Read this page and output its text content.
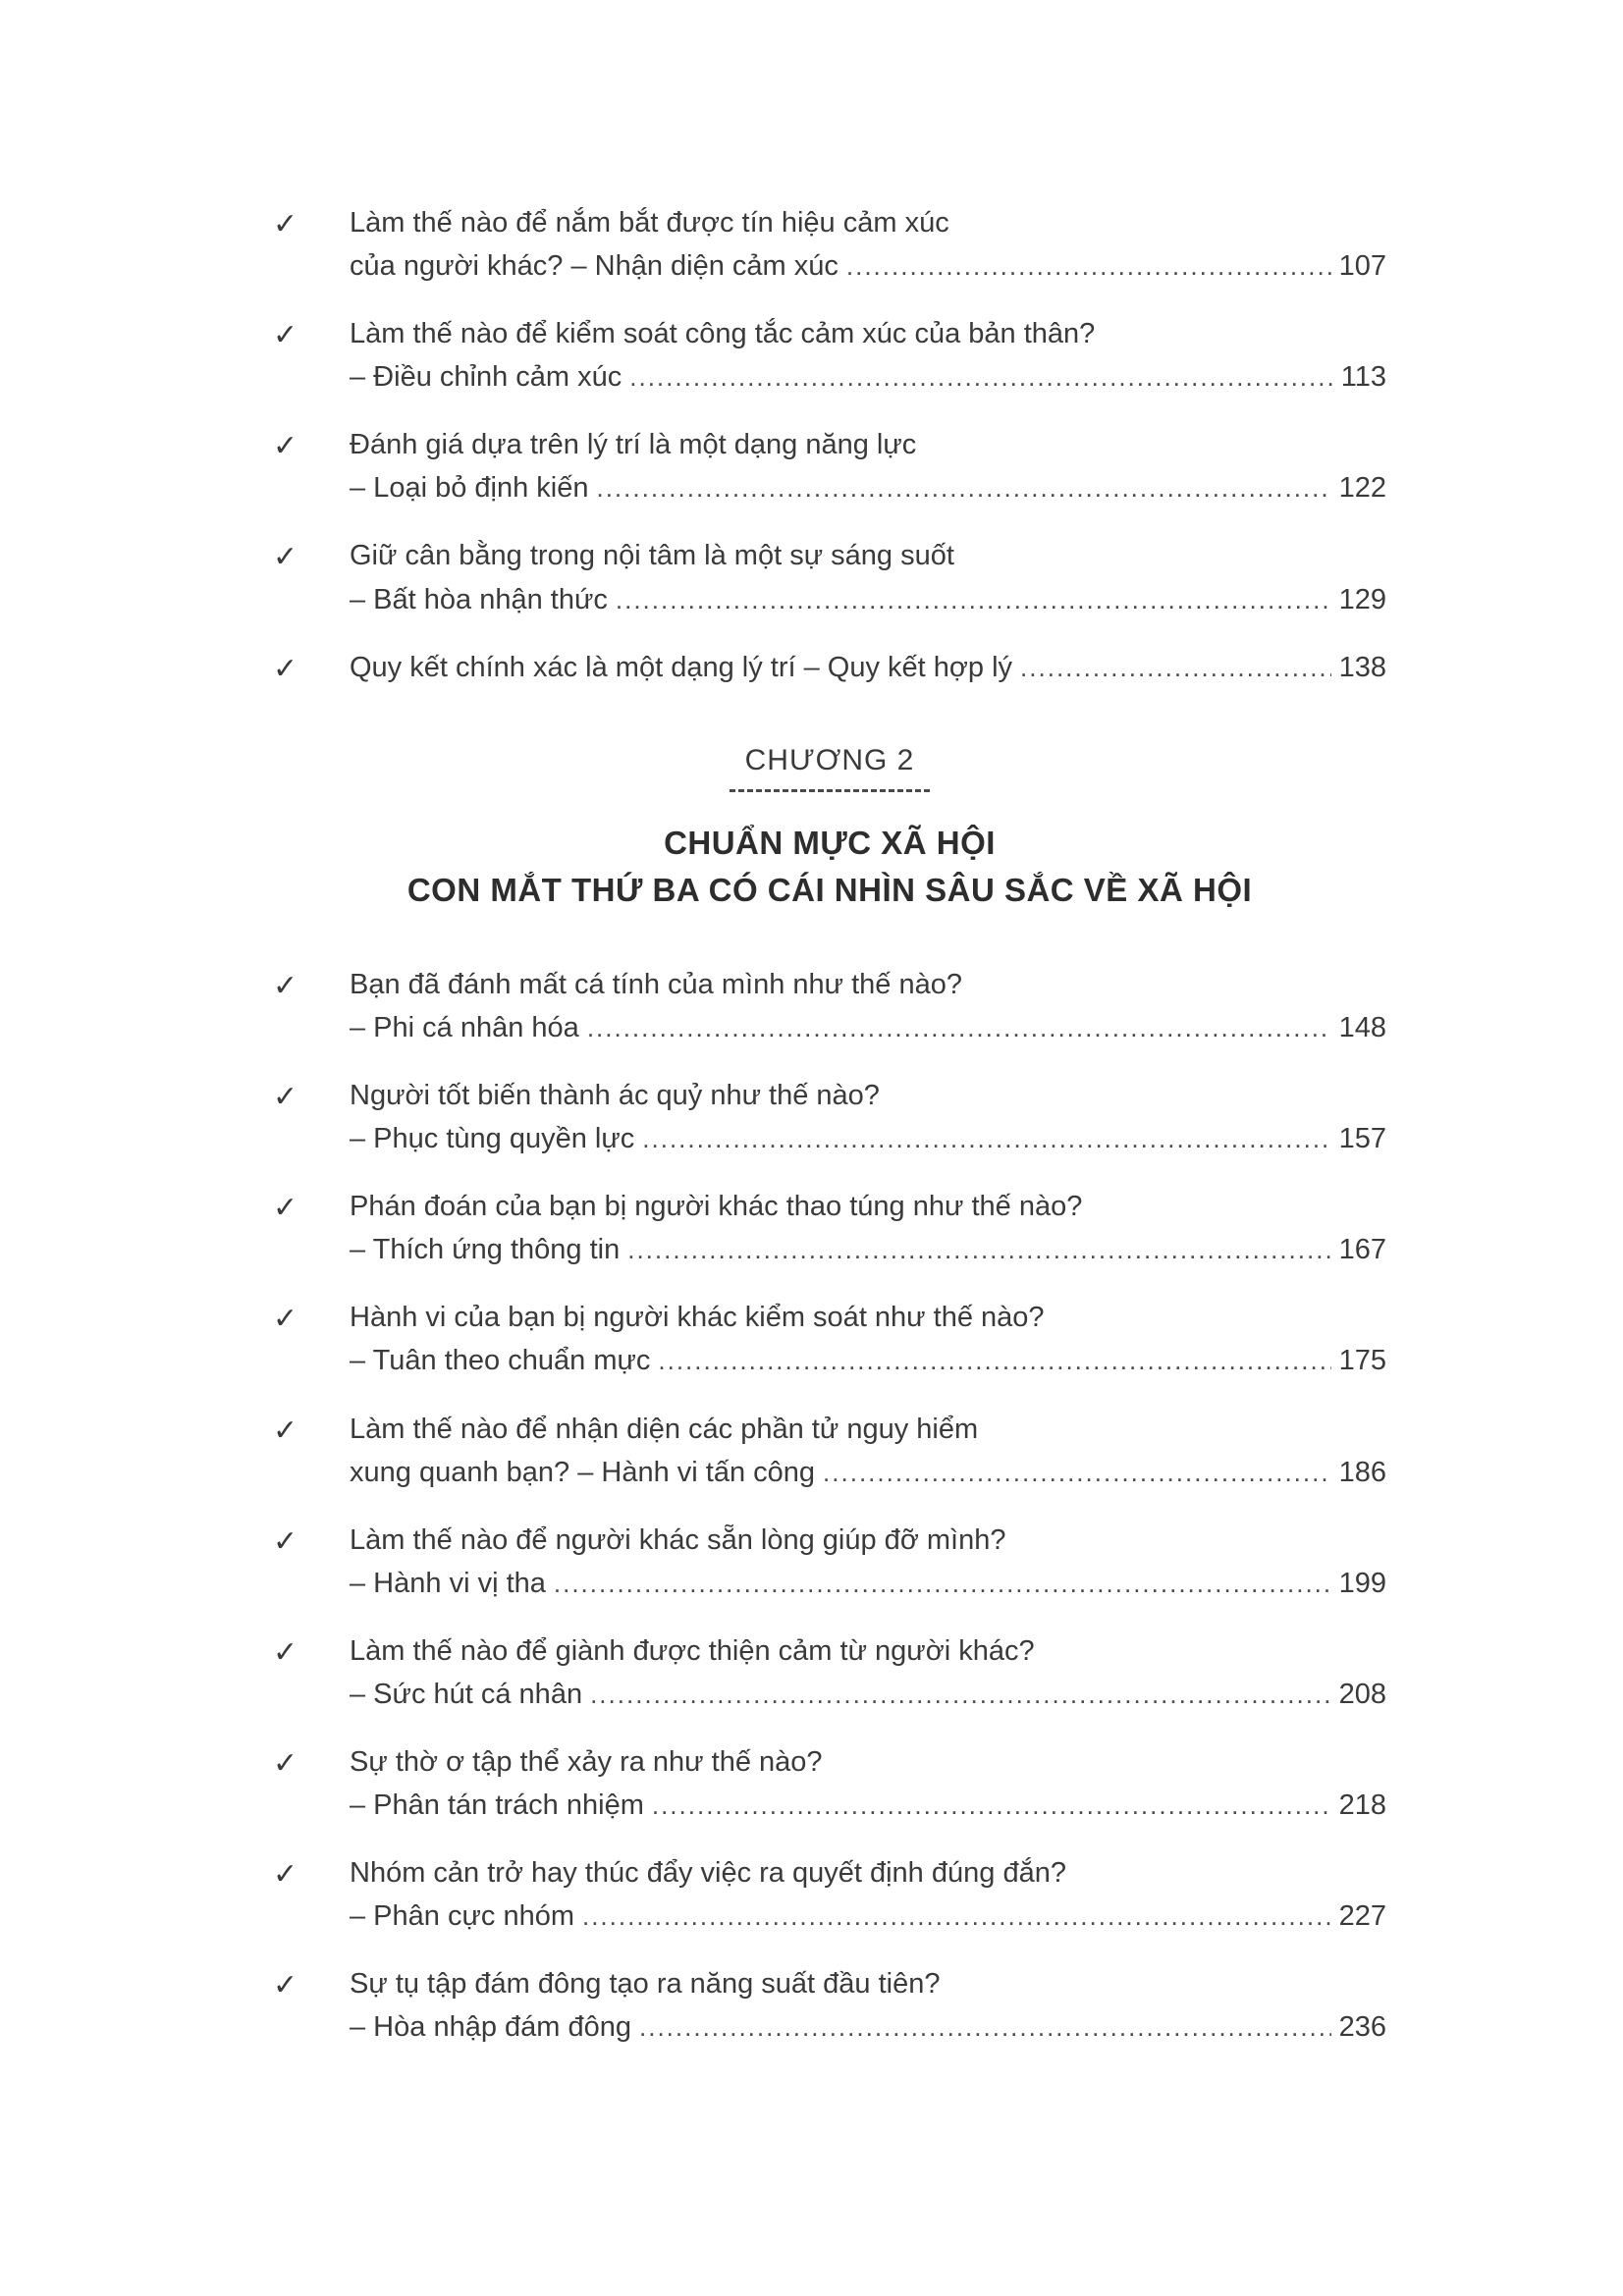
✓	Làm thế nào để nắm bắt được tín hiệu cảm xúc
của người khác? – Nhận diện cảm xúc .....	107
✓	Làm thế nào để kiểm soát công tắc cảm xúc của bản thân?
– Điều chỉnh cảm xúc .....	113
✓	Đánh giá dựa trên lý trí là một dạng năng lực
– Loại bỏ định kiến .....	122
✓	Giữ cân bằng trong nội tâm là một sự sáng suốt
– Bất hòa nhận thức .....	129
✓	Quy kết chính xác là một dạng lý trí – Quy kết hợp lý .....	138
CHƯƠNG 2
CHUẨN MỰC XÃ HỘI
CON MẮT THỨ BA CÓ CÁI NHÌN SÂU SẮC VỀ XÃ HỘI
✓	Bạn đã đánh mất cá tính của mình như thế nào?
– Phi cá nhân hóa .....	148
✓	Người tốt biến thành ác quỷ như thế nào?
– Phục tùng quyền lực .....	157
✓	Phán đoán của bạn bị người khác thao túng như thế nào?
– Thích ứng thông tin .....	167
✓	Hành vi của bạn bị người khác kiểm soát như thế nào?
– Tuân theo chuẩn mực .....	175
✓	Làm thế nào để nhận diện các phần tử nguy hiểm
xung quanh bạn? – Hành vi tấn công .....	186
✓	Làm thế nào để người khác sẵn lòng giúp đỡ mình?
– Hành vi vị tha .....	199
✓	Làm thế nào để giành được thiện cảm từ người khác?
– Sức hút cá nhân .....	208
✓	Sự thờ ơ tập thể xảy ra như thế nào?
– Phân tán trách nhiệm .....	218
✓	Nhóm cản trở hay thúc đẩy việc ra quyết định đúng đắn?
– Phân cực nhóm .....	227
✓	Sự tụ tập đám đông tạo ra năng suất đầu tiên?
– Hòa nhập đám đông .....	236
